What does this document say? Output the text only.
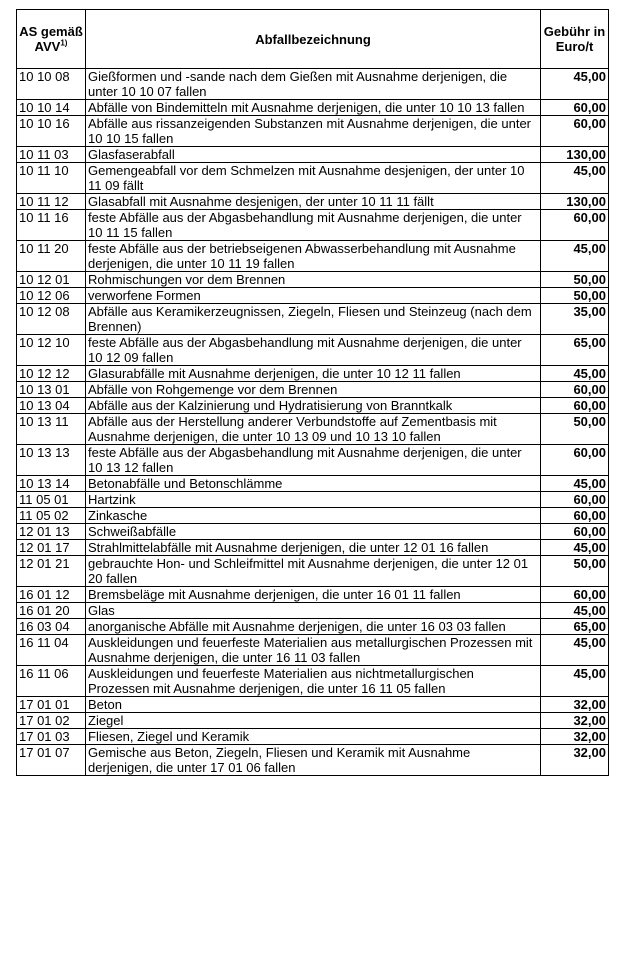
AS gemäß AVV$^{1)}$	Abfallbezeichnung	Gebühr in Euro/t
10 10 08	Gießformen und -sande nach dem Gießen mit Ausnahme derjenigen, die unter 10 10 07 fallen	45,00
10 10 14	Abfälle von Bindemitteln mit Ausnahme derjenigen, die unter 10 10 13 fallen	60,00
10 10 16	Abfälle aus rissanzeigenden Substanzen mit Ausnahme derjenigen, die unter 10 10 15 fallen	60,00
10 11 03	Glasfaserabfall	130,00
10 11 10	Gemengeabfall vor dem Schmelzen mit Ausnahme desjenigen, der unter 10 11 09 fällt	45,00
10 11 12	Glasabfall mit Ausnahme desjenigen, der unter 10 11 11 fällt	130,00
10 11 16	feste Abfälle aus der Abgasbehandlung mit Ausnahme derjenigen, die unter 10 11 15 fallen	60,00
10 11 20	feste Abfälle aus der betriebseigenen Abwasserbehandlung mit Ausnahme derjenigen, die unter 10 11 19 fallen	45,00
10 12 01	Rohmischungen vor dem Brennen	50,00
10 12 06	verworfene Formen	50,00
10 12 08	Abfälle aus Keramikerzeugnissen, Ziegeln, Fliesen und Steinzeug (nach dem Brennen)	35,00
10 12 10	feste Abfälle aus der Abgasbehandlung mit Ausnahme derjenigen, die unter 10 12 09 fallen	65,00
10 12 12	Glasurabfälle mit Ausnahme derjenigen, die unter 10 12 11 fallen	45,00
10 13 01	Abfälle von Rohgemenge vor dem Brennen	60,00
10 13 04	Abfälle aus der Kalzinierung und Hydratisierung von Branntkalk	60,00
10 13 11	Abfälle aus der Herstellung anderer Verbundstoffe auf Zementbasis mit Ausnahme derjenigen, die unter 10 13 09 und 10 13 10 fallen	50,00
10 13 13	feste Abfälle aus der Abgasbehandlung mit Ausnahme derjenigen, die unter 10 13 12 fallen	60,00
10 13 14	Betonabfälle und Betonschlämme	45,00
11 05 01	Hartzink	60,00
11 05 02	Zinkasche	60,00
12 01 13	Schweißabfälle	60,00
12 01 17	Strahlmittelabfälle mit Ausnahme derjenigen, die unter 12 01 16 fallen	45,00
12 01 21	gebrauchte Hon- und Schleifmittel mit Ausnahme derjenigen, die unter 12 01 20 fallen	50,00
16 01 12	Bremsbeläge mit Ausnahme derjenigen, die unter 16 01 11 fallen	60,00
16 01 20	Glas	45,00
16 03 04	anorganische Abfälle mit Ausnahme derjenigen, die unter 16 03 03 fallen	65,00
16 11 04	Auskleidungen und feuerfeste Materialien aus metallurgischen Prozessen mit Ausnahme derjenigen, die unter 16 11 03 fallen	45,00
16 11 06	Auskleidungen und feuerfeste Materialien aus nichtmetallurgischen Prozessen mit Ausnahme derjenigen, die unter 16 11 05 fallen	45,00
17 01 01	Beton	32,00
17 01 02	Ziegel	32,00
17 01 03	Fliesen, Ziegel und Keramik	32,00
17 01 07	Gemische aus Beton, Ziegeln, Fliesen und Keramik mit Ausnahme derjenigen, die unter 17 01 06 fallen	32,00
